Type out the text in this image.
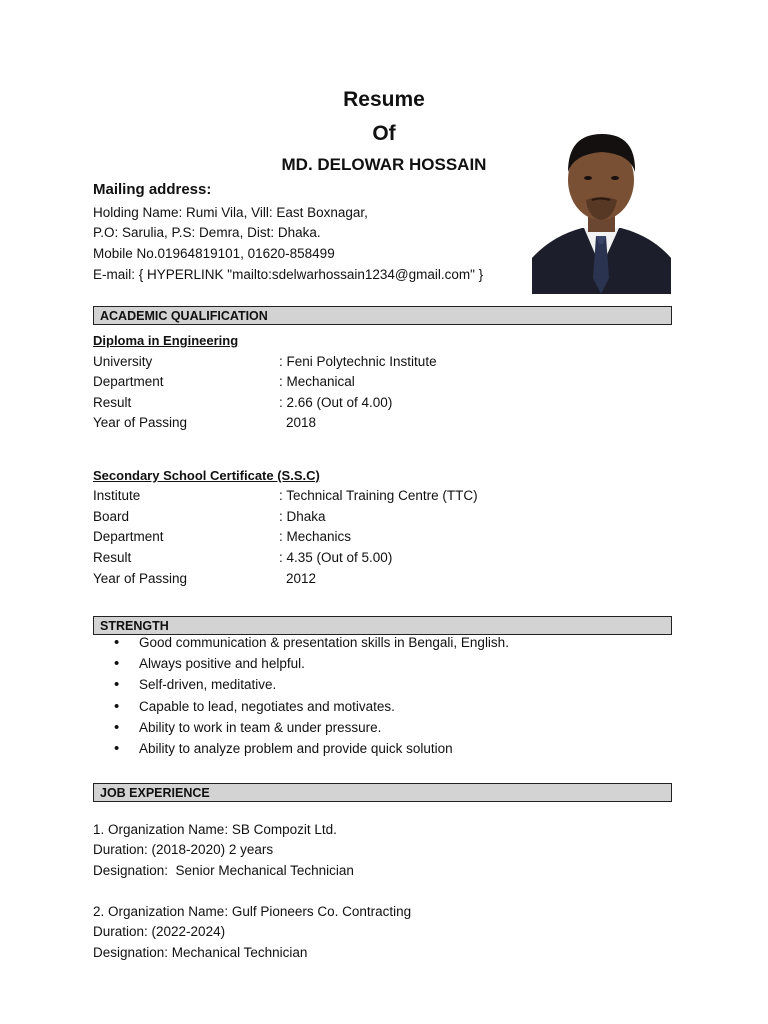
Resume
Of
MD. DELOWAR HOSSAIN
Mailing address:
Holding Name: Rumi Vila, Vill: East Boxnagar,
P.O: Sarulia, P.S: Demra, Dist: Dhaka.
Mobile No.01964819101, 01620-858499
E-mail: { HYPERLINK "mailto:sdelwarhossain1234@gmail.com" }
ACADEMIC QUALIFICATION
Diploma in Engineering
University	: Feni Polytechnic Institute
Department	: Mechanical
Result	: 2.66 (Out of 4.00)
Year of Passing	2018
Secondary School Certificate (S.S.C)
Institute	: Technical Training Centre (TTC)
Board	: Dhaka
Department	: Mechanics
Result	: 4.35 (Out of 5.00)
Year of Passing	2012
STRENGTH
• Good communication & presentation skills in Bengali, English.
• Always positive and helpful.
• Self-driven, meditative.
• Capable to lead, negotiates and motivates.
• Ability to work in team & under pressure.
• Ability to analyze problem and provide quick solution
JOB EXPERIENCE
1. Organization Name: SB Compozit Ltd.
Duration: (2018-2020) 2 years
Designation:  Senior Mechanical Technician
2. Organization Name: Gulf Pioneers Co. Contracting
Duration: (2022-2024)
Designation: Mechanical Technician
